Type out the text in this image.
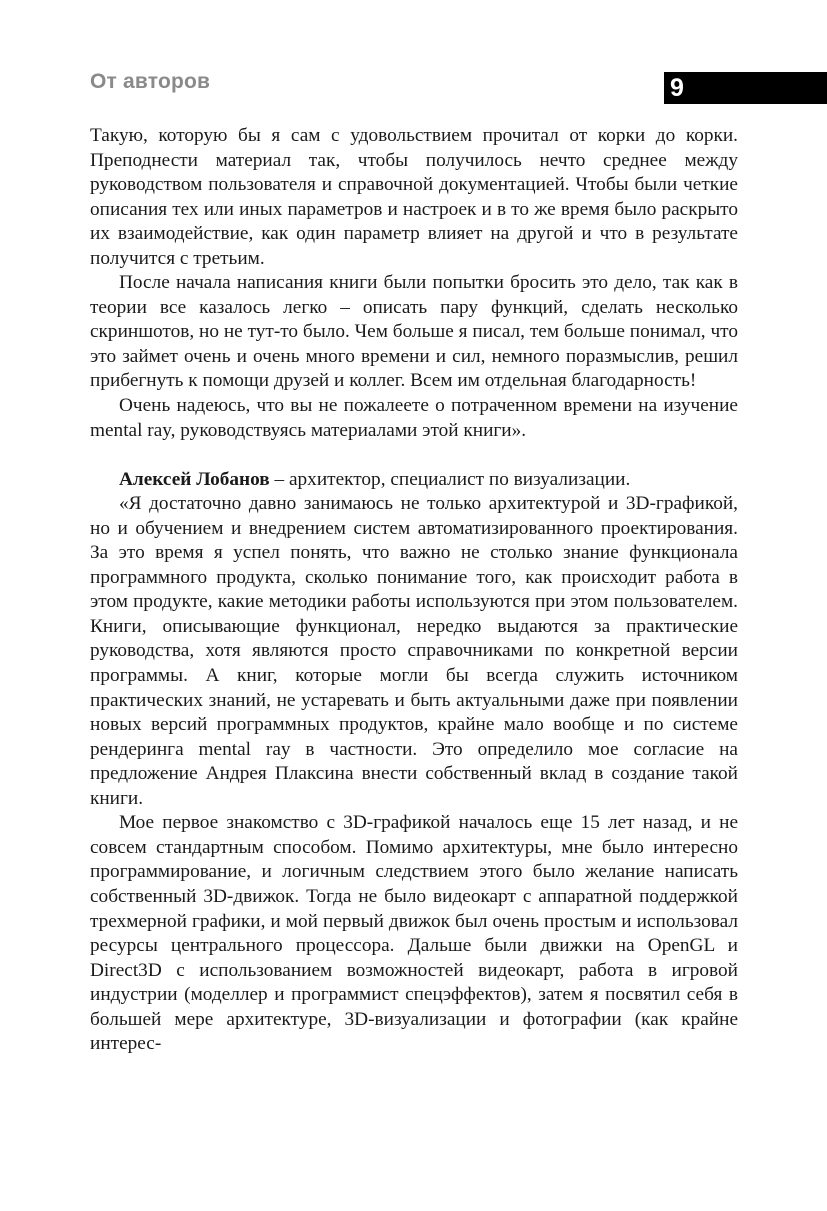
От авторов	9

Такую, которую бы я сам с удовольствием прочитал от корки до корки. Преподнести материал так, чтобы получилось нечто среднее между руководством пользователя и справочной документацией. Чтобы были четкие описания тех или иных параметров и настроек и в то же время было раскрыто их взаимодействие, как один параметр влияет на другой и что в результате получится с третьим.

После начала написания книги были попытки бросить это дело, так как в теории все казалось легко – описать пару функций, сделать несколько скриншотов, но не тут-то было. Чем больше я писал, тем больше понимал, что это займет очень и очень много времени и сил, немного поразмыслив, решил прибегнуть к помощи друзей и коллег. Всем им отдельная благодарность!

Очень надеюсь, что вы не пожалеете о потраченном времени на изучение mental ray, руководствуясь материалами этой книги».

Алексей Лобанов – архитектор, специалист по визуализации.

«Я достаточно давно занимаюсь не только архитектурой и 3D-графикой, но и обучением и внедрением систем автоматизированного проектирования. За это время я успел понять, что важно не столько знание функционала программного продукта, сколько понимание того, как происходит работа в этом продукте, какие методики работы используются при этом пользователем. Книги, описывающие функционал, нередко выдаются за практические руководства, хотя являются просто справочниками по конкретной версии программы. А книг, которые могли бы всегда служить источником практических знаний, не устаревать и быть актуальными даже при появлении новых версий программных продуктов, крайне мало вообще и по системе рендеринга mental ray в частности. Это определило мое согласие на предложение Андрея Плаксина внести собственный вклад в создание такой книги.

Мое первое знакомство с 3D-графикой началось еще 15 лет назад, и не совсем стандартным способом. Помимо архитектуры, мне было интересно программирование, и логичным следствием этого было желание написать собственный 3D-движок. Тогда не было видеокарт с аппаратной поддержкой трехмерной графики, и мой первый движок был очень простым и использовал ресурсы центрального процессора. Дальше были движки на OpenGL и Direct3D с использованием возможностей видеокарт, работа в игровой индустрии (моделлер и программист спецэффектов), затем я посвятил себя в большей мере архитектуре, 3D-визуализации и фотографии (как крайне интерес-
